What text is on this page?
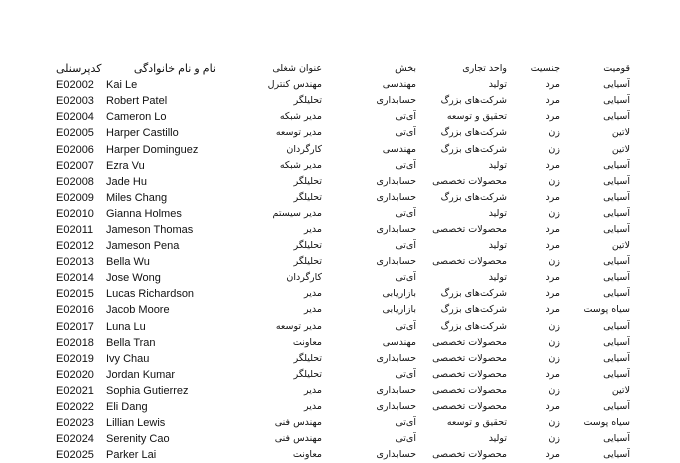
کدپرسنلی	نام و نام خانوادگی		عنوان شغلی		بخش		واحد تجاری		جنسیت		قومیت
E02002	Kai Le		مهندس کنترل		مهندسی		تولید		مرد		آسیایی
E02003	Robert Patel		تحلیلگر		حسابداری		شرکت‌های بزرگ		مرد		آسیایی
E02004	Cameron Lo		مدیر شبکه		آی‌تی		تحقیق و توسعه		مرد		آسیایی
E02005	Harper Castillo		مدیر توسعه		آی‌تی		شرکت‌های بزرگ		زن		لاتین
E02006	Harper Dominguez		کارگردان		مهندسی		شرکت‌های بزرگ		زن		لاتین
E02007	Ezra Vu		مدیر شبکه		آی‌تی		تولید		مرد		آسیایی
E02008	Jade Hu		تحلیلگر		حسابداری		محصولات تخصصی		زن		آسیایی
E02009	Miles Chang		تحلیلگر		حسابداری		شرکت‌های بزرگ		مرد		آسیایی
E02010	Gianna Holmes		مدیر سیستم		آی‌تی		تولید		زن		آسیایی
E02011	Jameson Thomas		مدیر		حسابداری		محصولات تخصصی		مرد		آسیایی
E02012	Jameson Pena		تحلیلگر		آی‌تی		تولید		مرد		لاتین
E02013	Bella Wu		تحلیلگر		حسابداری		محصولات تخصصی		زن		آسیایی
E02014	Jose Wong		کارگردان		آی‌تی		تولید		مرد		آسیایی
E02015	Lucas Richardson		مدیر		بازاریابی		شرکت‌های بزرگ		مرد		آسیایی
E02016	Jacob Moore		مدیر		بازاریابی		شرکت‌های بزرگ		مرد		سیاه پوست
E02017	Luna Lu		مدیر توسعه		آی‌تی		شرکت‌های بزرگ		زن		آسیایی
E02018	Bella Tran		معاونت		مهندسی		محصولات تخصصی		زن		آسیایی
E02019	Ivy Chau		تحلیلگر		حسابداری		محصولات تخصصی		زن		آسیایی
E02020	Jordan Kumar		تحلیلگر		آی‌تی		محصولات تخصصی		مرد		آسیایی
E02021	Sophia Gutierrez		مدیر		حسابداری		محصولات تخصصی		زن		لاتین
E02022	Eli Dang		مدیر		حسابداری		محصولات تخصصی		مرد		آسیایی
E02023	Lillian Lewis		مهندس فنی		آی‌تی		تحقیق و توسعه		زن		سیاه پوست
E02024	Serenity Cao		مهندس فنی		آی‌تی		تولید		زن		آسیایی
E02025	Parker Lai		معاونت		حسابداری		محصولات تخصصی		مرد		آسیایی
